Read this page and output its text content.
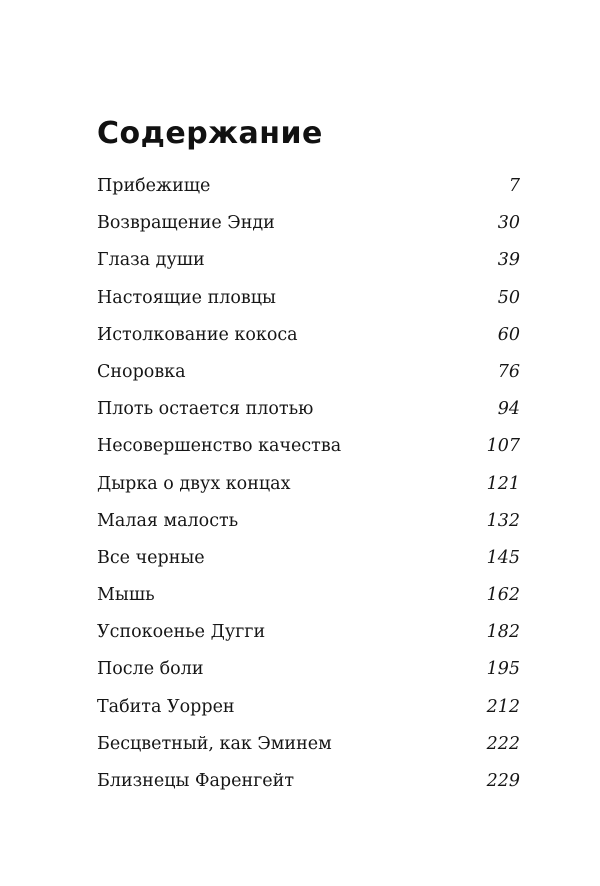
Содержание
Прибежище	7
Возвращение Энди	30
Глаза души	39
Настоящие пловцы	50
Истолкование кокоса	60
Сноровка	76
Плоть остается плотью	94
Несовершенство качества	107
Дырка о двух концах	121
Малая малость	132
Все черные	145
Мышь	162
Успокоенье Дугги	182
После боли	195
Табита Уоррен	212
Бесцветный, как Эминем	222
Близнецы Фаренгейт	229
